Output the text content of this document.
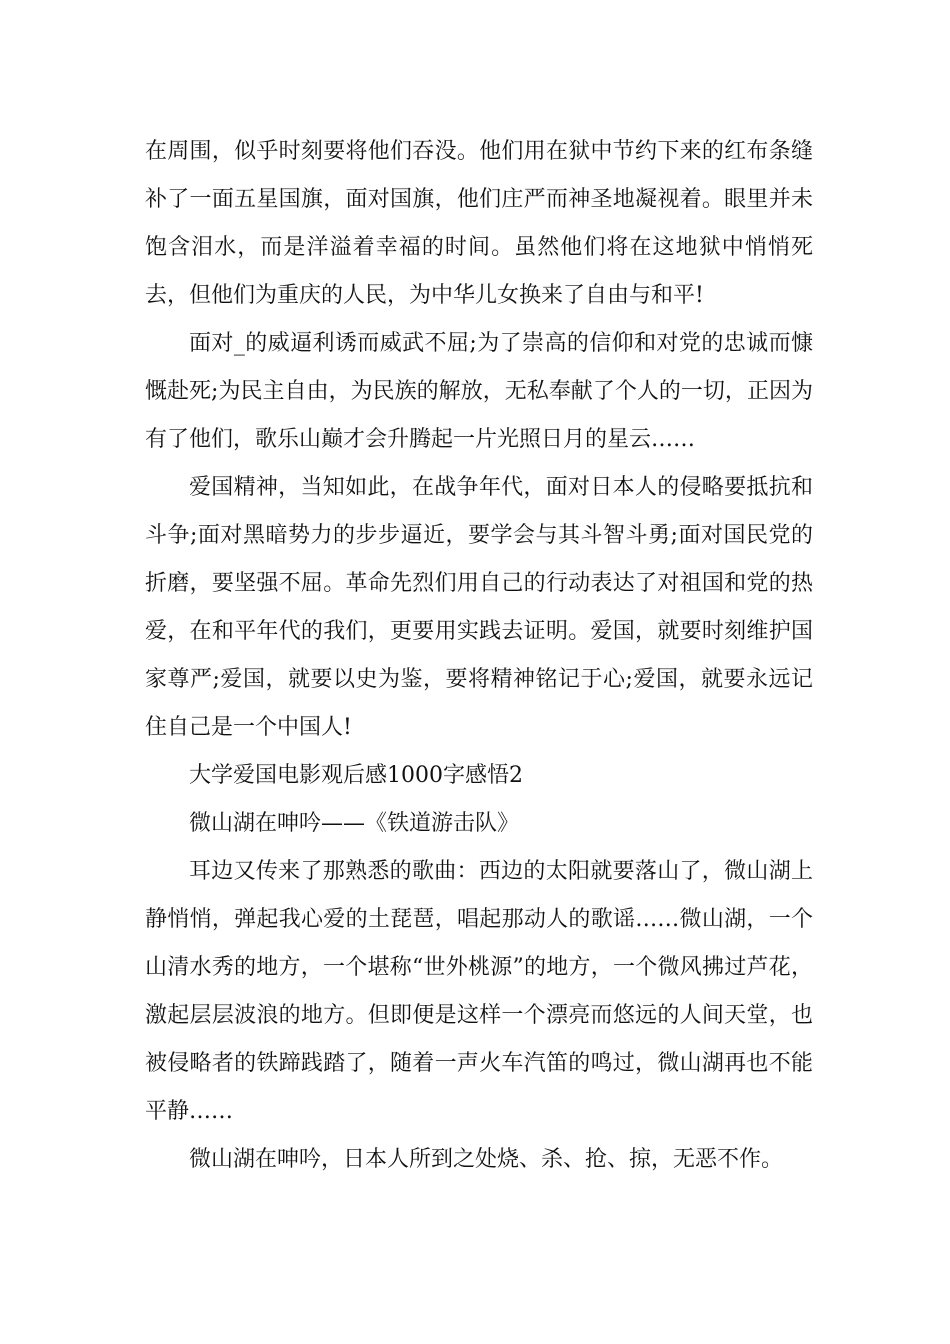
在周围，似乎时刻要将他们吞没。他们用在狱中节约下来的红布条缝补了一面五星国旗，面对国旗，他们庄严而神圣地凝视着。眼里并未饱含泪水，而是洋溢着幸福的时间。虽然他们将在这地狱中悄悄死去，但他们为重庆的人民，为中华儿女换来了自由与和平!

面对_的威逼利诱而威武不屈;为了崇高的信仰和对党的忠诚而慷慨赴死;为民主自由，为民族的解放，无私奉献了个人的一切，正因为有了他们，歌乐山巅才会升腾起一片光照日月的星云……

爱国精神，当知如此，在战争年代，面对日本人的侵略要抵抗和斗争;面对黑暗势力的步步逼近，要学会与其斗智斗勇;面对国民党的折磨，要坚强不屈。革命先烈们用自己的行动表达了对祖国和党的热爱，在和平年代的我们，更要用实践去证明。爱国，就要时刻维护国家尊严;爱国，就要以史为鉴，要将精神铭记于心;爱国，就要永远记住自己是一个中国人!

大学爱国电影观后感1000字感悟2

微山湖在呻吟——《铁道游击队》

耳边又传来了那熟悉的歌曲：西边的太阳就要落山了，微山湖上静悄悄，弹起我心爱的土琵琶，唱起那动人的歌谣……微山湖，一个山清水秀的地方，一个堪称“世外桃源”的地方，一个微风拂过芦花，激起层层波浪的地方。但即便是这样一个漂亮而悠远的人间天堂，也被侵略者的铁蹄践踏了，随着一声火车汽笛的鸣过，微山湖再也不能平静……

微山湖在呻吟，日本人所到之处烧、杀、抢、掠，无恶不作。
